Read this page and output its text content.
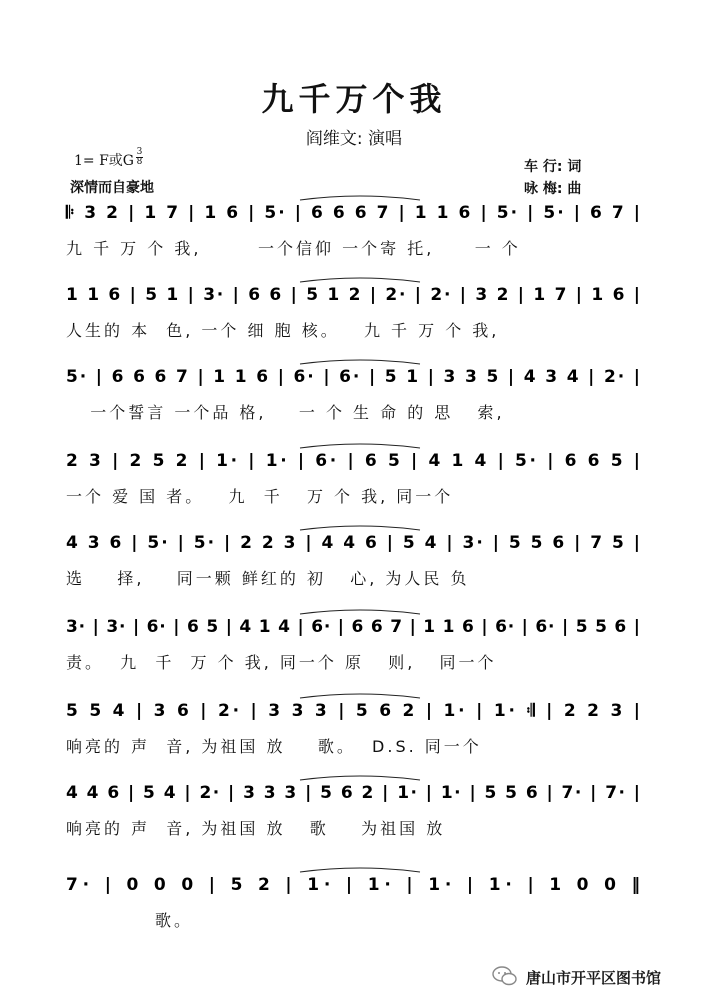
九千万个我
阎维文: 演唱
1= F或G
3
8
深情而自豪地
车 行: 词
咏 梅: 曲
𝄆 3 2 | 1 7 | 1 6 | 5· | 6 6 6 7 | 1 1 6 | 5· | 5· | 6 7 |
1 1 6 | 5 1 | 3· | 6 6 | 5 1 2 | 2· | 2· | 3 2 | 1 7 | 1 6 |
5· | 6 6 6 7 | 1 1 6 | 6· | 6· | 5 1 | 3 3 5 | 4 3 4 | 2· |
2 3 | 2 5 2 | 1· | 1· | 6· | 6 5 | 4 1 4 | 5· | 6 6 5 |
4 3 6 | 5· | 5· | 2 2 3 | 4 4 6 | 5 4 | 3· | 5 5 6 | 7 5 |
3· | 3· | 6· | 6 5 | 4 1 4 | 6· | 6 6 7 | 1 1 6 | 6· | 6· | 5 5 6 |
5 5 4 | 3 6 | 2· | 3 3 3 | 5 6 2 | 1· | 1· 𝄇 | 2 2 3 |
4 4 6 | 5 4 | 2· | 3 3 3 | 5 6 2 | 1· | 1· | 5 5 6 | 7· | 7· |
7· | 0 0 0 | 5 2 | 1· | 1· | 1· | 1· | 1 0 0 ‖
九 千 万 个 我,       一个信仰 一个寄 托,     一 个
人生的 本  色, 一个 细 胞 核。   九 千 万 个 我,
一个誓言 一个品 格,    一 个 生 命 的 思   索,
一个 爱 国 者。   九  千   万 个 我, 同一个
选    择,    同一颗 鲜红的 初   心, 为人民 负
责。  九  千  万 个 我, 同一个 原   则,   同一个
响亮的 声  音, 为祖国 放    歌。  D.S. 同一个
响亮的 声  音, 为祖国 放   歌    为祖国 放
歌。
唐山市开平区图书馆
